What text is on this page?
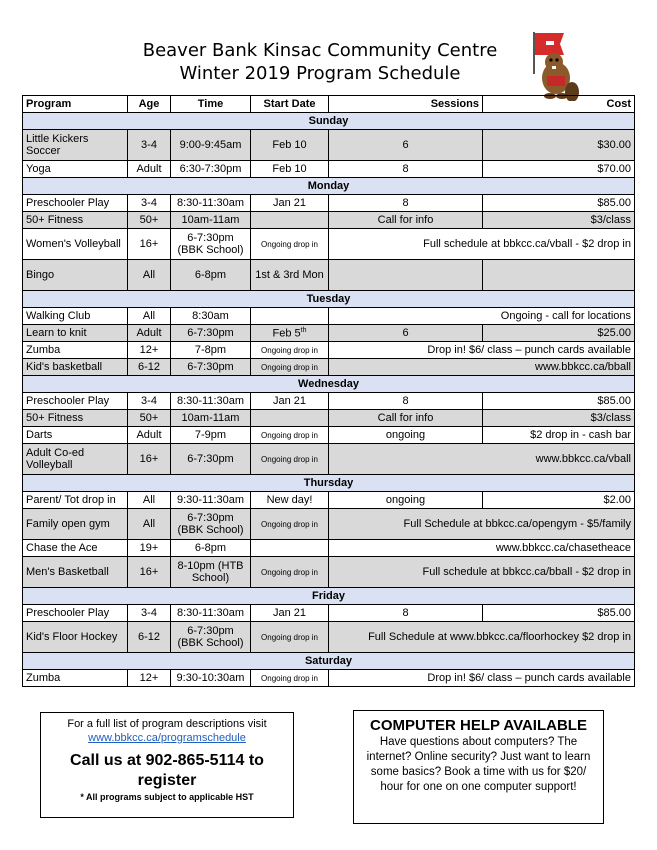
Beaver Bank Kinsac Community Centre
Winter 2019 Program Schedule
Program	Age	Time	Start Date	Sessions	Cost
Sunday					
Little Kickers Soccer	3-4	9:00-9:45am	Feb 10	6	$30.00
Yoga	Adult	6:30-7:30pm	Feb 10	8	$70.00
Monday					
Preschooler Play	3-4	8:30-11:30am	Jan 21	8	$85.00
50+ Fitness	50+	10am-11am		Call for info	$3/class
Women's Volleyball	16+	6-7:30pm (BBK School)	Ongoing drop in	Full schedule at bbkcc.ca/vball - $2 drop in	
Bingo	All	6-8pm	1st & 3rd Mon		
Tuesday					
Walking Club	All	8:30am		Ongoing - call for locations	
Learn to knit	Adult	6-7:30pm	Feb 5th	6	$25.00
Zumba	12+	7-8pm	Ongoing drop in	Drop in! $6/ class – punch cards available	
Kid's basketball	6-12	6-7:30pm	Ongoing drop in	www.bbkcc.ca/bball	
Wednesday					
Preschooler Play	3-4	8:30-11:30am	Jan 21	8	$85.00
50+ Fitness	50+	10am-11am		Call for info	$3/class
Darts	Adult	7-9pm	Ongoing drop in	ongoing	$2 drop in - cash bar
Adult Co-ed Volleyball	16+	6-7:30pm	Ongoing drop in	www.bbkcc.ca/vball	
Thursday					
Parent/ Tot drop in	All	9:30-11:30am	New day!	ongoing	$2.00
Family open gym	All	6-7:30pm (BBK School)	Ongoing drop in	Full Schedule at bbkcc.ca/opengym - $5/family	
Chase the Ace	19+	6-8pm		www.bbkcc.ca/chasetheace	
Men's Basketball	16+	8-10pm (HTB School)	Ongoing drop in	Full schedule at bbkcc.ca/bball - $2 drop in	
Friday					
Preschooler Play	3-4	8:30-11:30am	Jan 21	8	$85.00
Kid's Floor Hockey	6-12	6-7:30pm (BBK School)	Ongoing drop in	Full Schedule at www.bbkcc.ca/floorhockey $2 drop in	
Saturday					
Zumba	12+	9:30-10:30am	Ongoing drop in	Drop in! $6/ class – punch cards available	
For a full list of program descriptions visit
www.bbkcc.ca/programschedule
Call us at 902-865-5114 to register
* All programs subject to applicable HST
COMPUTER HELP AVAILABLE
Have questions about computers? The internet? Online security? Just want to learn some basics? Book a time with us for $20/ hour for one on one computer support!
